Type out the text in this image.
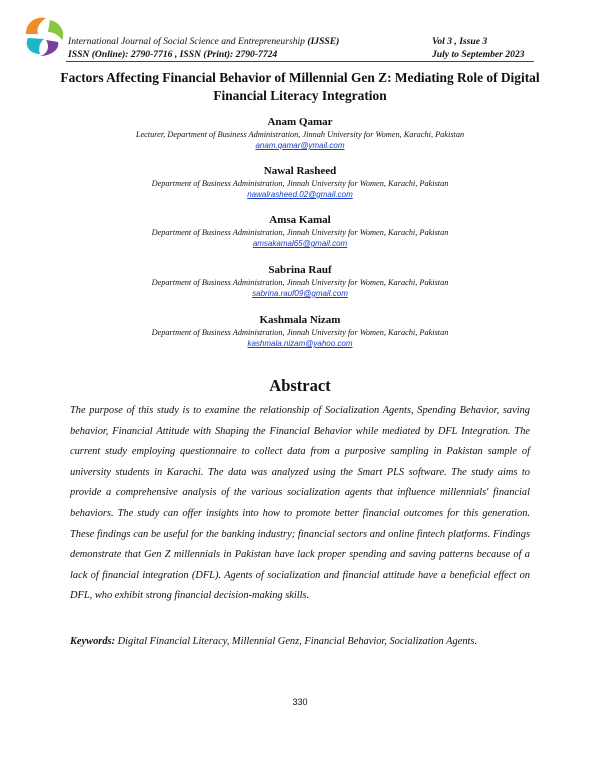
International Journal of Social Science and Entrepreneurship (IJSSE)
ISSN (Online): 2790-7716 , ISSN (Print): 2790-7724
Vol 3 , Issue 3
July to September 2023
Factors Affecting Financial Behavior of Millennial Gen Z: Mediating Role of Digital Financial Literacy Integration
Anam Qamar
Lecturer, Department of Business Administration, Jinnah University for Women, Karachi, Pakistan
anam.qamar@ymail.com
Nawal Rasheed
Department of Business Administration, Jinnah University for Women, Karachi, Pakistan
nawalrasheed.02@gmail.com
Amsa Kamal
Department of Business Administration, Jinnah University for Women, Karachi, Pakistan
amsakamal65@gmail.com
Sabrina Rauf
Department of Business Administration, Jinnah University for Women, Karachi, Pakistan
sabrina.rauf09@gmail.com
Kashmala Nizam
Department of Business Administration, Jinnah University for Women, Karachi, Pakistan
kashmala.nizam@yahoo.com
Abstract

The purpose of this study is to examine the relationship of Socialization Agents, Spending Behavior, saving behavior, Financial Attitude with Shaping the Financial Behavior while mediated by DFL Integration. The current study employing questionnaire to collect data from a purposive sampling in Pakistan sample of university students in Karachi. The data was analyzed using the Smart PLS software. The study aims to provide a comprehensive analysis of the various socialization agents that influence millennials' financial behaviors. The study can offer insights into how to promote better financial outcomes for this generation. These findings can be useful for the banking industry; financial sectors and online fintech platforms. Findings demonstrate that Gen Z millennials in Pakistan have lack proper spending and saving patterns because of a lack of financial integration (DFL). Agents of socialization and financial attitude have a beneficial effect on DFL, who exhibit strong financial decision-making skills.

Keywords: Digital Financial Literacy, Millennial Genz, Financial Behavior, Socialization Agents.

330
